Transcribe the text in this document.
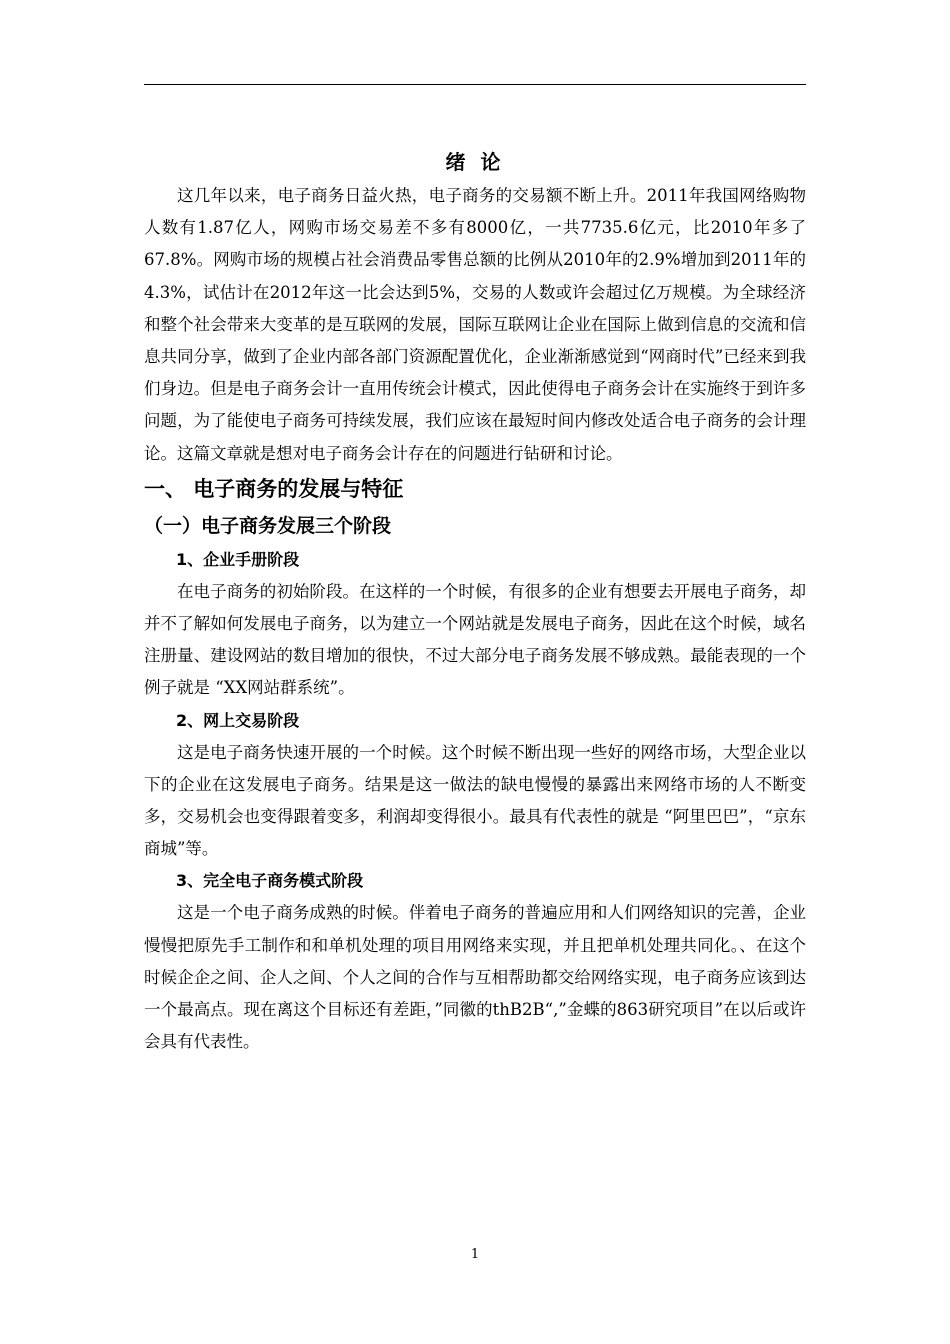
绪 论

这几年以来，电子商务日益火热，电子商务的交易额不断上升。2011年我国网络购物人数有1.87亿人，网购市场交易差不多有8000亿，一共7735.6亿元，比2010年多了67.8%。网购市场的规模占社会消费品零售总额的比例从2010年的2.9%增加到2011年的4.3%，试估计在2012年这一比会达到5%，交易的人数或许会超过亿万规模。为全球经济和整个社会带来大变革的是互联网的发展，国际互联网让企业在国际上做到信息的交流和信息共同分享，做到了企业内部各部门资源配置优化，企业渐渐感觉到“网商时代”已经来到我们身边。但是电子商务会计一直用传统会计模式，因此使得电子商务会计在实施终于到许多问题，为了能使电子商务可持续发展，我们应该在最短时间内修改处适合电子商务的会计理论。这篇文章就是想对电子商务会计存在的问题进行钻研和讨论。

一、 电子商务的发展与特征
（一）电子商务发展三个阶段
1、企业手册阶段

在电子商务的初始阶段。在这样的一个时候，有很多的企业有想要去开展电子商务，却并不了解如何发展电子商务，以为建立一个网站就是发展电子商务，因此在这个时候，域名注册量、建设网站的数目增加的很快，不过大部分电子商务发展不够成熟。最能表现的一个例子就是 “XX网站群系统”。

2、网上交易阶段

这是电子商务快速开展的一个时候。这个时候不断出现一些好的网络市场，大型企业以下的企业在这发展电子商务。结果是这一做法的缺电慢慢的暴露出来网络市场的人不断变多，交易机会也变得跟着变多，利润却变得很小。最具有代表性的就是 “阿里巴巴”，“京东商城”等。

3、完全电子商务模式阶段

这是一个电子商务成熟的时候。伴着电子商务的普遍应用和人们网络知识的完善，企业慢慢把原先手工制作和和单机处理的项目用网络来实现，并且把单机处理共同化。、在这个时候企企之间、企人之间、个人之间的合作与互相帮助都交给网络实现，电子商务应该到达一个最高点。现在离这个目标还有差距，”同徽的thB2B“,”金蝶的863研究项目”在以后或许会具有代表性。

1
